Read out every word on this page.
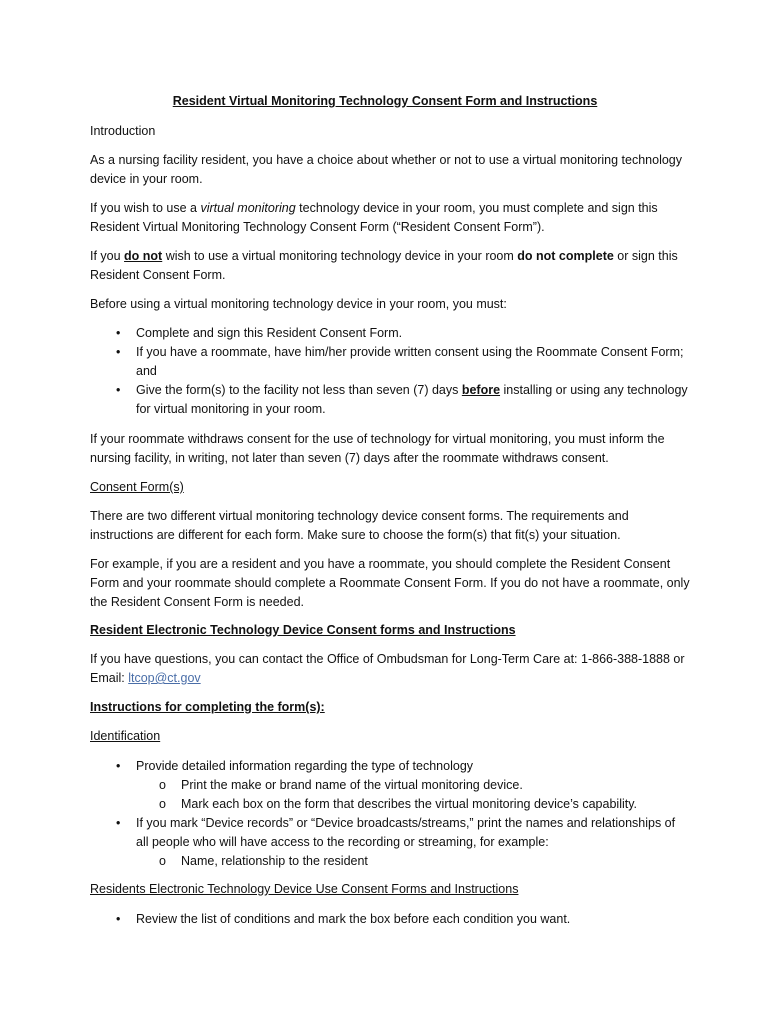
Resident Virtual Monitoring Technology Consent Form and Instructions
Introduction
As a nursing facility resident, you have a choice about whether or not to use a virtual monitoring technology device in your room.
If you wish to use a virtual monitoring technology device in your room, you must complete and sign this Resident Virtual Monitoring Technology Consent Form (“Resident Consent Form”).
If you do not wish to use a virtual monitoring technology device in your room do not complete or sign this Resident Consent Form.
Before using a virtual monitoring technology device in your room, you must:
• Complete and sign this Resident Consent Form.
• If you have a roommate, have him/her provide written consent using the Roommate Consent Form; and
• Give the form(s) to the facility not less than seven (7) days before installing or using any technology for virtual monitoring in your room.
If your roommate withdraws consent for the use of technology for virtual monitoring, you must inform the nursing facility, in writing, not later than seven (7) days after the roommate withdraws consent.
Consent Form(s)
There are two different virtual monitoring technology device consent forms. The requirements and instructions are different for each form. Make sure to choose the form(s) that fit(s) your situation.
For example, if you are a resident and you have a roommate, you should complete the Resident Consent Form and your roommate should complete a Roommate Consent Form. If you do not have a roommate, only the Resident Consent Form is needed.
Resident Electronic Technology Device Consent forms and Instructions
If you have questions, you can contact the Office of Ombudsman for Long-Term Care at: 1-866-388-1888 or Email: ltcop@ct.gov
Instructions for completing the form(s):
Identification
• Provide detailed information regarding the type of technology
o Print the make or brand name of the virtual monitoring device.
o Mark each box on the form that describes the virtual monitoring device’s capability.
• If you mark “Device records” or “Device broadcasts/streams,” print the names and relationships of all people who will have access to the recording or streaming, for example:
o Name, relationship to the resident
Residents Electronic Technology Device Use Consent Forms and Instructions
• Review the list of conditions and mark the box before each condition you want.
